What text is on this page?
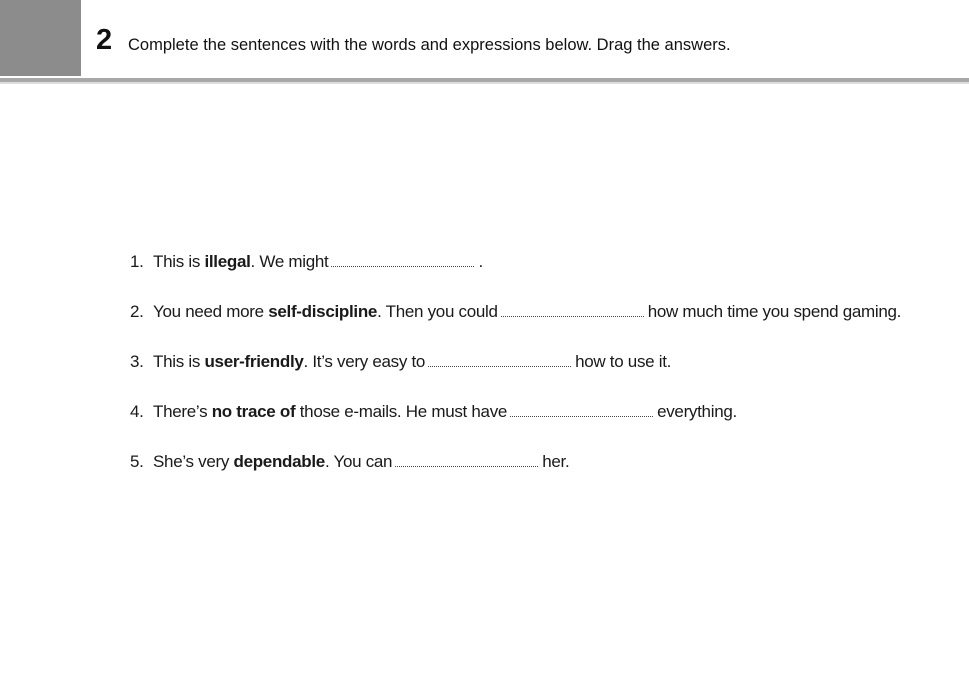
2 Complete the sentences with the words and expressions below. Drag the answers.
1. This is illegal. We might	.
2. You need more self-discipline. Then you could	how much time you spend gaming.
3. This is user-friendly. It’s very easy to	how to use it.
4. There’s no trace of those e-mails. He must have	everything.
5. She’s very dependable. You can	her.
